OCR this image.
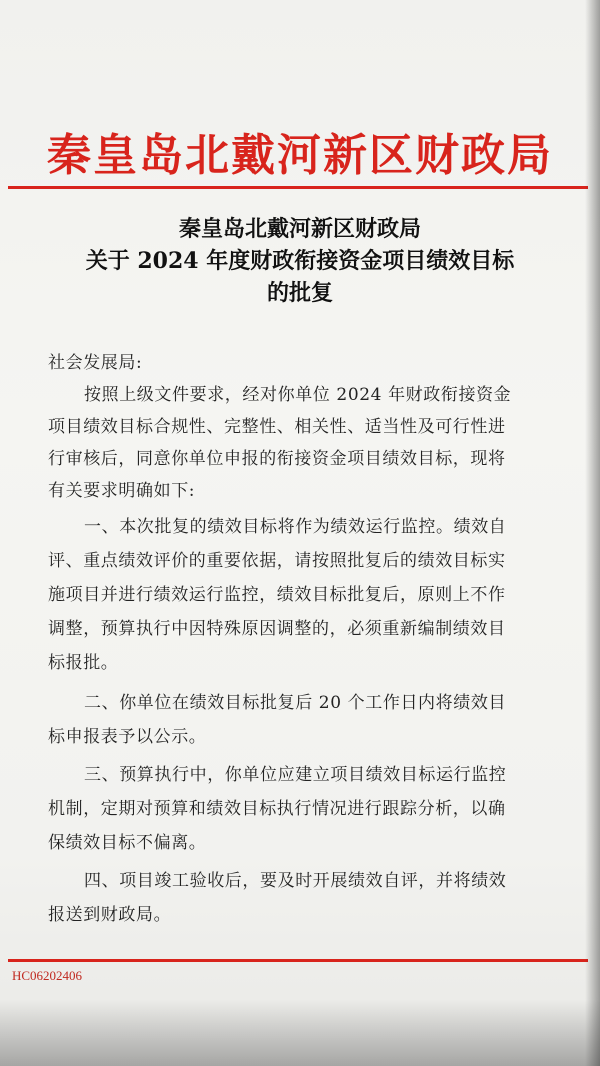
秦皇岛北戴河新区财政局
秦皇岛北戴河新区财政局
关于 2024 年度财政衔接资金项目绩效目标
的批复
社会发展局:
按照上级文件要求，经对你单位 2024 年财政衔接资金
项目绩效目标合规性、完整性、相关性、适当性及可行性进
行审核后，同意你单位申报的衔接资金项目绩效目标，现将
有关要求明确如下:
一、本次批复的绩效目标将作为绩效运行监控。绩效自
评、重点绩效评价的重要依据，请按照批复后的绩效目标实
施项目并进行绩效运行监控，绩效目标批复后，原则上不作
调整，预算执行中因特殊原因调整的，必须重新编制绩效目
标报批。
二、你单位在绩效目标批复后 20 个工作日内将绩效目
标申报表予以公示。
三、预算执行中，你单位应建立项目绩效目标运行监控
机制，定期对预算和绩效目标执行情况进行跟踪分析，以确
保绩效目标不偏离。
四、项目竣工验收后，要及时开展绩效自评，并将绩效
报送到财政局。
HC06202406
